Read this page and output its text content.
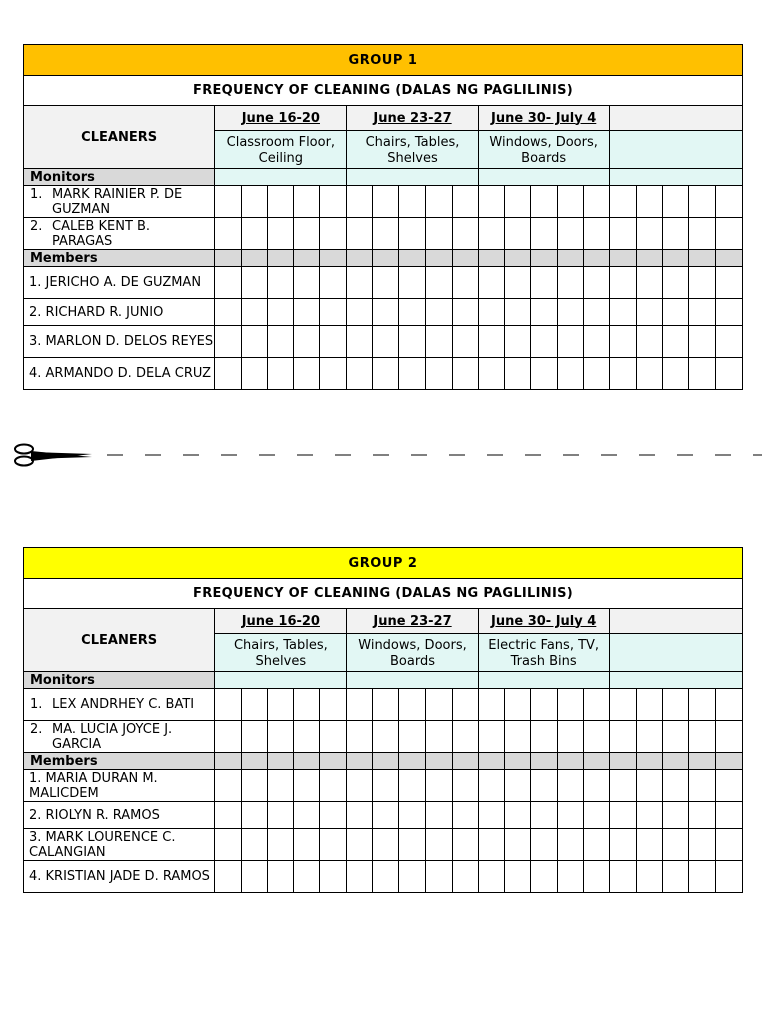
GROUP 1																				
FREQUENCY OF CLEANING (DALAS NG PAGLILINIS)																				
CLEANERS	June 16-20					June 23-27					June 30- July 4									
	Classroom Floor, Ceiling					Chairs, Tables, Shelves					Windows, Doors, Boards									
Monitors																				

1. MARK RAINIER P. DE GUZMAN																				

2. CALEB KENT B. PARAGAS																				

Members																				
1. JERICHO A. DE GUZMAN																				
2. RICHARD R. JUNIO																				
3. MARLON D. DELOS REYES																				
4. ARMANDO D. DELA CRUZ																				
GROUP 2																				
FREQUENCY OF CLEANING (DALAS NG PAGLILINIS)																				
CLEANERS	June 16-20					June 23-27					June 30- July 4									
	Chairs, Tables, Shelves					Windows, Doors, Boards					Electric Fans, TV, Trash Bins									
Monitors																				

1. LEX ANDRHEY C. BATI																				

2. MA. LUCIA JOYCE J. GARCIA																				

Members																				
1. MARIA DURAN M. MALICDEM																				
2. RIOLYN R. RAMOS																				
3. MARK LOURENCE C. CALANGIAN																				
4. KRISTIAN JADE D. RAMOS																				
